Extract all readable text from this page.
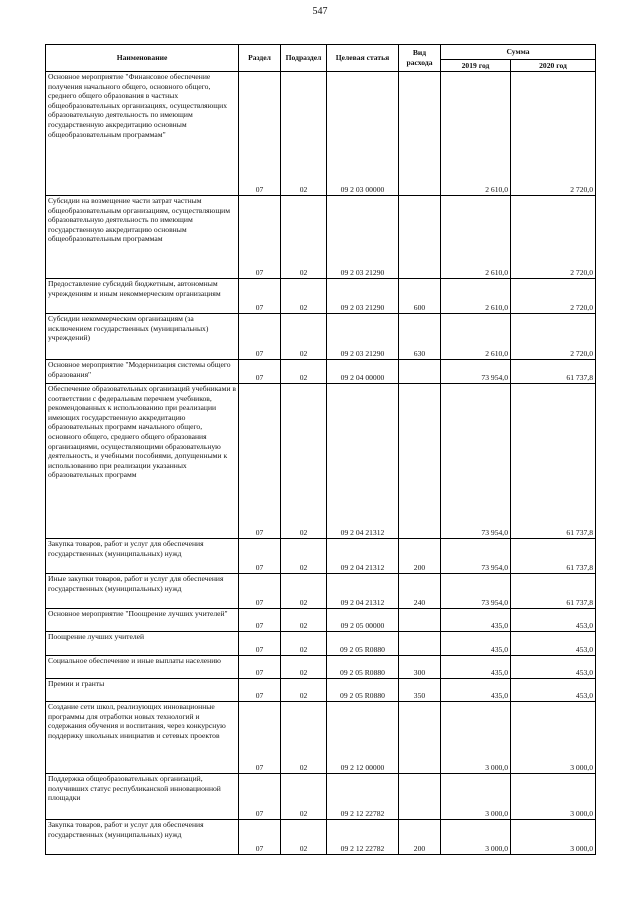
547
Наименование	Раздел	Подраздел	Целевая статья	Вид расхода	Сумма	
					2019 год	2020 год
Основное мероприятие "Финансовое обеспечение получения начального общего, основного общего, среднего общего образования в частных общеобразовательных организациях, осуществляющих образовательную деятельность по имеющим государственную аккредитацию основным общеобразовательным программам"	07	02	09 2 03 00000		2 610,0	2 720,0
Субсидии на возмещение части затрат частным общеобразовательным организациям, осуществляющим образовательную деятельность по имеющим государственную аккредитацию основным общеобразовательным программам	07	02	09 2 03 21290		2 610,0	2 720,0
Предоставление субсидий бюджетным, автономным учреждениям и иным некоммерческим организациям	07	02	09 2 03 21290	600	2 610,0	2 720,0
Субсидии некоммерческим организациям (за исключением государственных (муниципальных) учреждений)	07	02	09 2 03 21290	630	2 610,0	2 720,0
Основное мероприятие "Модернизация системы общего образования"	07	02	09 2 04 00000		73 954,0	61 737,8
Обеспечение образовательных организаций учебниками в соответствии с федеральным перечнем учебников, рекомендованных к использованию при реализации имеющих государственную аккредитацию образовательных программ начального общего, основного общего, среднего общего образования организациями, осуществляющими образовательную деятельность, и учебными пособиями, допущенными к использованию при реализации указанных образовательных программ	07	02	09 2 04 21312		73 954,0	61 737,8
Закупка товаров, работ и услуг для обеспечения государственных (муниципальных) нужд	07	02	09 2 04 21312	200	73 954,0	61 737,8
Иные закупки товаров, работ и услуг для обеспечения государственных (муниципальных) нужд	07	02	09 2 04 21312	240	73 954,0	61 737,8
Основное мероприятие "Поощрение лучших учителей"	07	02	09 2 05 00000		435,0	453,0
Поощрение лучших учителей	07	02	09 2 05 R0880		435,0	453,0
Социальное обеспечение и иные выплаты населению	07	02	09 2 05 R0880	300	435,0	453,0
Премии и гранты	07	02	09 2 05 R0880	350	435,0	453,0
Создание сети школ, реализующих инновационные программы для отработки новых технологий и содержания обучения и воспитания, через конкурсную поддержку школьных инициатив и сетевых проектов	07	02	09 2 12 00000		3 000,0	3 000,0
Поддержка общеобразовательных организаций, получивших статус республиканской инновационной площадки	07	02	09 2 12 22782		3 000,0	3 000,0
Закупка товаров, работ и услуг для обеспечения государственных (муниципальных) нужд	07	02	09 2 12 22782	200	3 000,0	3 000,0
